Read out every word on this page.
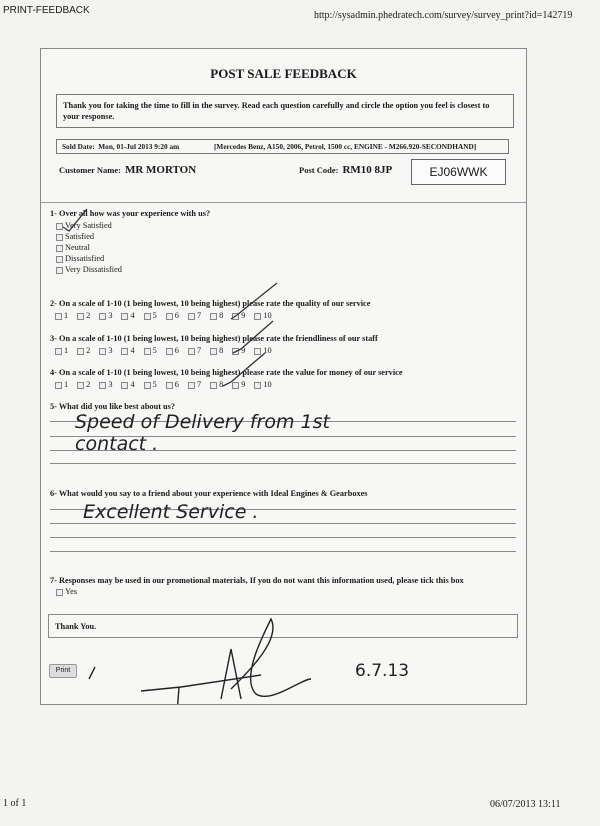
PRINT-FEEDBACK	http://sysadmin.phedratech.com/survey/survey_print?id=142719
POST SALE FEEDBACK
Thank you for taking the time to fill in the survey. Read each question carefully and circle the option you feel is closest to your response.
Sold Date: Mon, 01-Jul 2013 9:20 am	[Mercedes Benz, A150, 2006, Petrol, 1500 cc, ENGINE - M266.920-SECONDHAND]
Customer Name: MR MORTON	Post Code: RM10 8JP	EJ06WWK
1- Over all how was your experience with us?
Very Satisfied
Satisfied
Neutral
Dissatisfied
Very Dissatisfied
2- On a scale of 1-10 (1 being lowest, 10 being highest) please rate the quality of our service
1 2 3 4 5 6 7 8 9 10
3- On a scale of 1-10 (1 being lowest, 10 being highest) please rate the friendliness of our staff
1 2 3 4 5 6 7 8 9 10
4- On a scale of 1-10 (1 being lowest, 10 being highest) please rate the value for money of our service
1 2 3 4 5 6 7 8 9 10
5- What did you like best about us?
Speed of Delivery from 1st
contact .
6- What would you say to a friend about your experience with Ideal Engines & Gearboxes
Excellent Service .
7- Responses may be used in our promotional materials, If you do not want this information used, please tick this box
Yes
Thank You.
Print	6.7.13
1 of 1	06/07/2013 13:11
